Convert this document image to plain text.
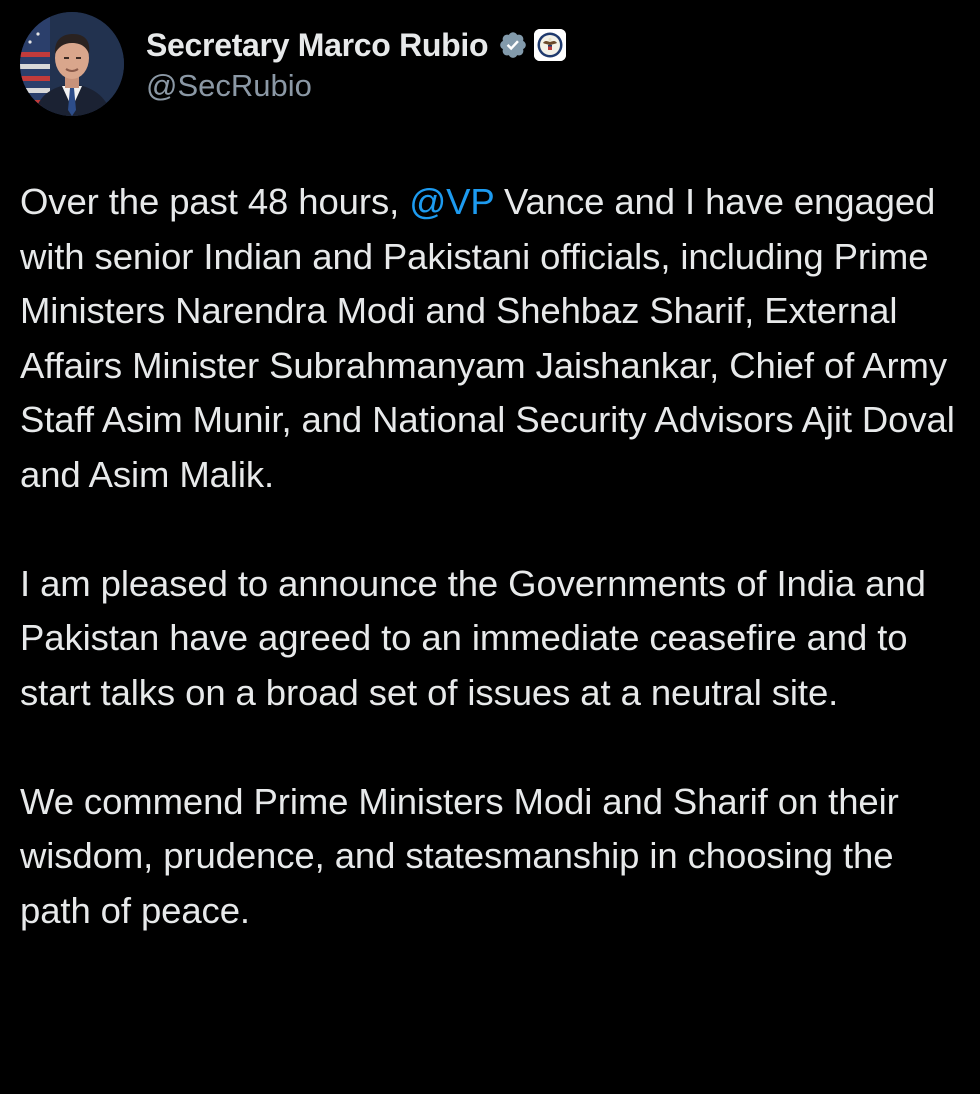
Secretary Marco Rubio
@SecRubio

Over the past 48 hours, @VP Vance and I have engaged with senior Indian and Pakistani officials, including Prime Ministers Narendra Modi and Shehbaz Sharif, External Affairs Minister Subrahmanyam Jaishankar, Chief of Army Staff Asim Munir, and National Security Advisors Ajit Doval and Asim Malik.

I am pleased to announce the Governments of India and Pakistan have agreed to an immediate ceasefire and to start talks on a broad set of issues at a neutral site.

We commend Prime Ministers Modi and Sharif on their wisdom, prudence, and statesmanship in choosing the path of peace.
